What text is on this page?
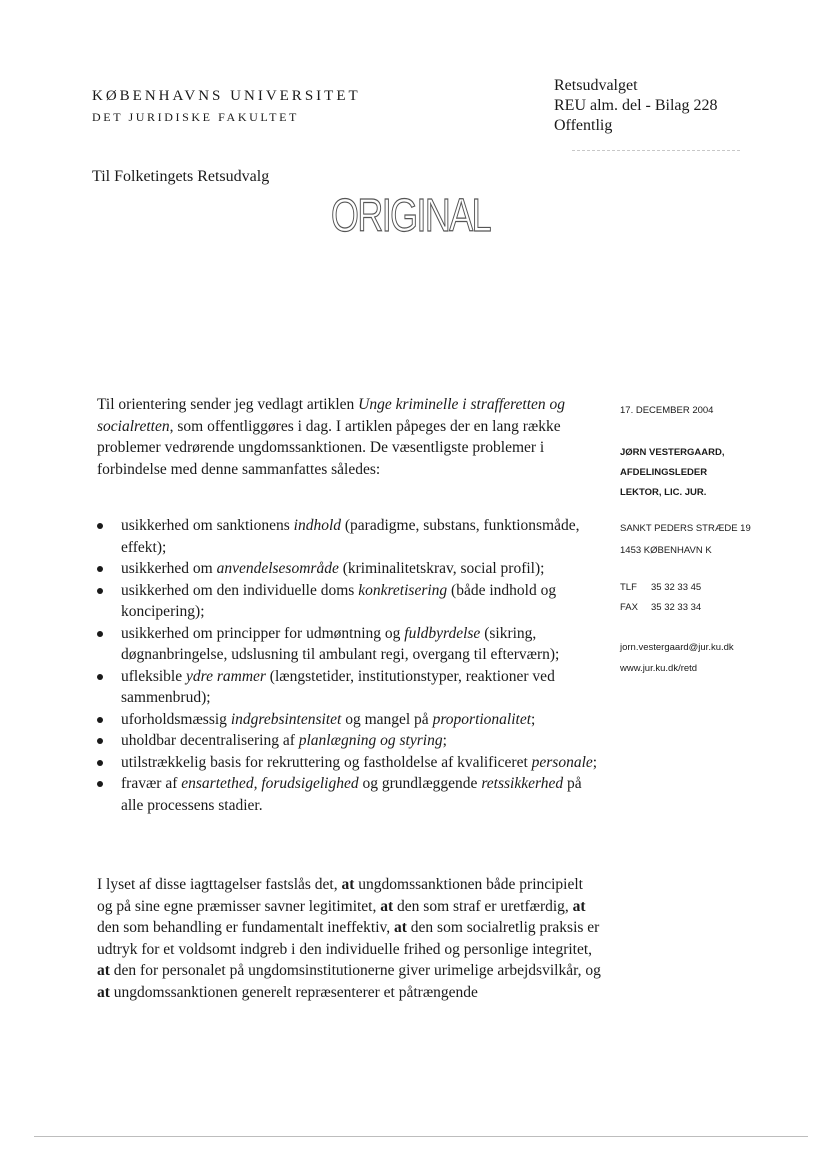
KØBENHAVNS UNIVERSITET
DET JURIDISKE FAKULTET
Retsudvalget
REU alm. del - Bilag 228
Offentlig
Til Folketingets Retsudvalg
ORIGINAL
Til orientering sender jeg vedlagt artiklen Unge kriminelle i strafferetten og socialretten, som offentliggøres i dag. I artiklen påpeges der en lang række problemer vedrørende ungdomssanktionen. De væsentligste problemer i forbindelse med denne sammanfattes således:
usikkerhed om sanktionens indhold (paradigme, substans, funktionsmåde, effekt);
usikkerhed om anvendelsesområde (kriminalitetskrav, social profil);
usikkerhed om den individuelle doms konkretisering (både indhold og koncipering);
usikkerhed om principper for udmøntning og fuldbyrdelse (sikring, døgnanbringelse, udslusning til ambulant regi, overgang til efterværn);
ufleksible ydre rammer (længstetider, institutionstyper, reaktioner ved sammenbrud);
uforholdsmæssig indgrebsintensitet og mangel på proportionalitet;
uholdbar decentralisering af planlægning og styring;
utilstrækkelig basis for rekruttering og fastholdelse af kvalificeret personale;
fravær af ensartethed, forudsigelighed og grundlæggende retssikkerhed på alle processens stadier.
I lyset af disse iagttagelser fastslås det, at ungdomssanktionen både principielt og på sine egne præmisser savner legitimitet, at den som straf er uretfærdig, at den som behandling er fundamentalt ineffektiv, at den som socialretlig praksis er udtryk for et voldsomt indgreb i den individuelle frihed og personlige integritet, at den for personalet på ungdomsinstitutionerne giver urimelige arbejdsvilkår, og at ungdomssanktionen generelt repræsenterer et påtrængende
17. DECEMBER 2004
JØRN VESTERGAARD,
AFDELINGSLEDER
LEKTOR, LIC. JUR.
SANKT PEDERS STRÆDE 19
1453 KØBENHAVN K
TLF 35 32 33 45
FAX 35 32 33 34
jorn.vestergaard@jur.ku.dk
www.jur.ku.dk/retd
